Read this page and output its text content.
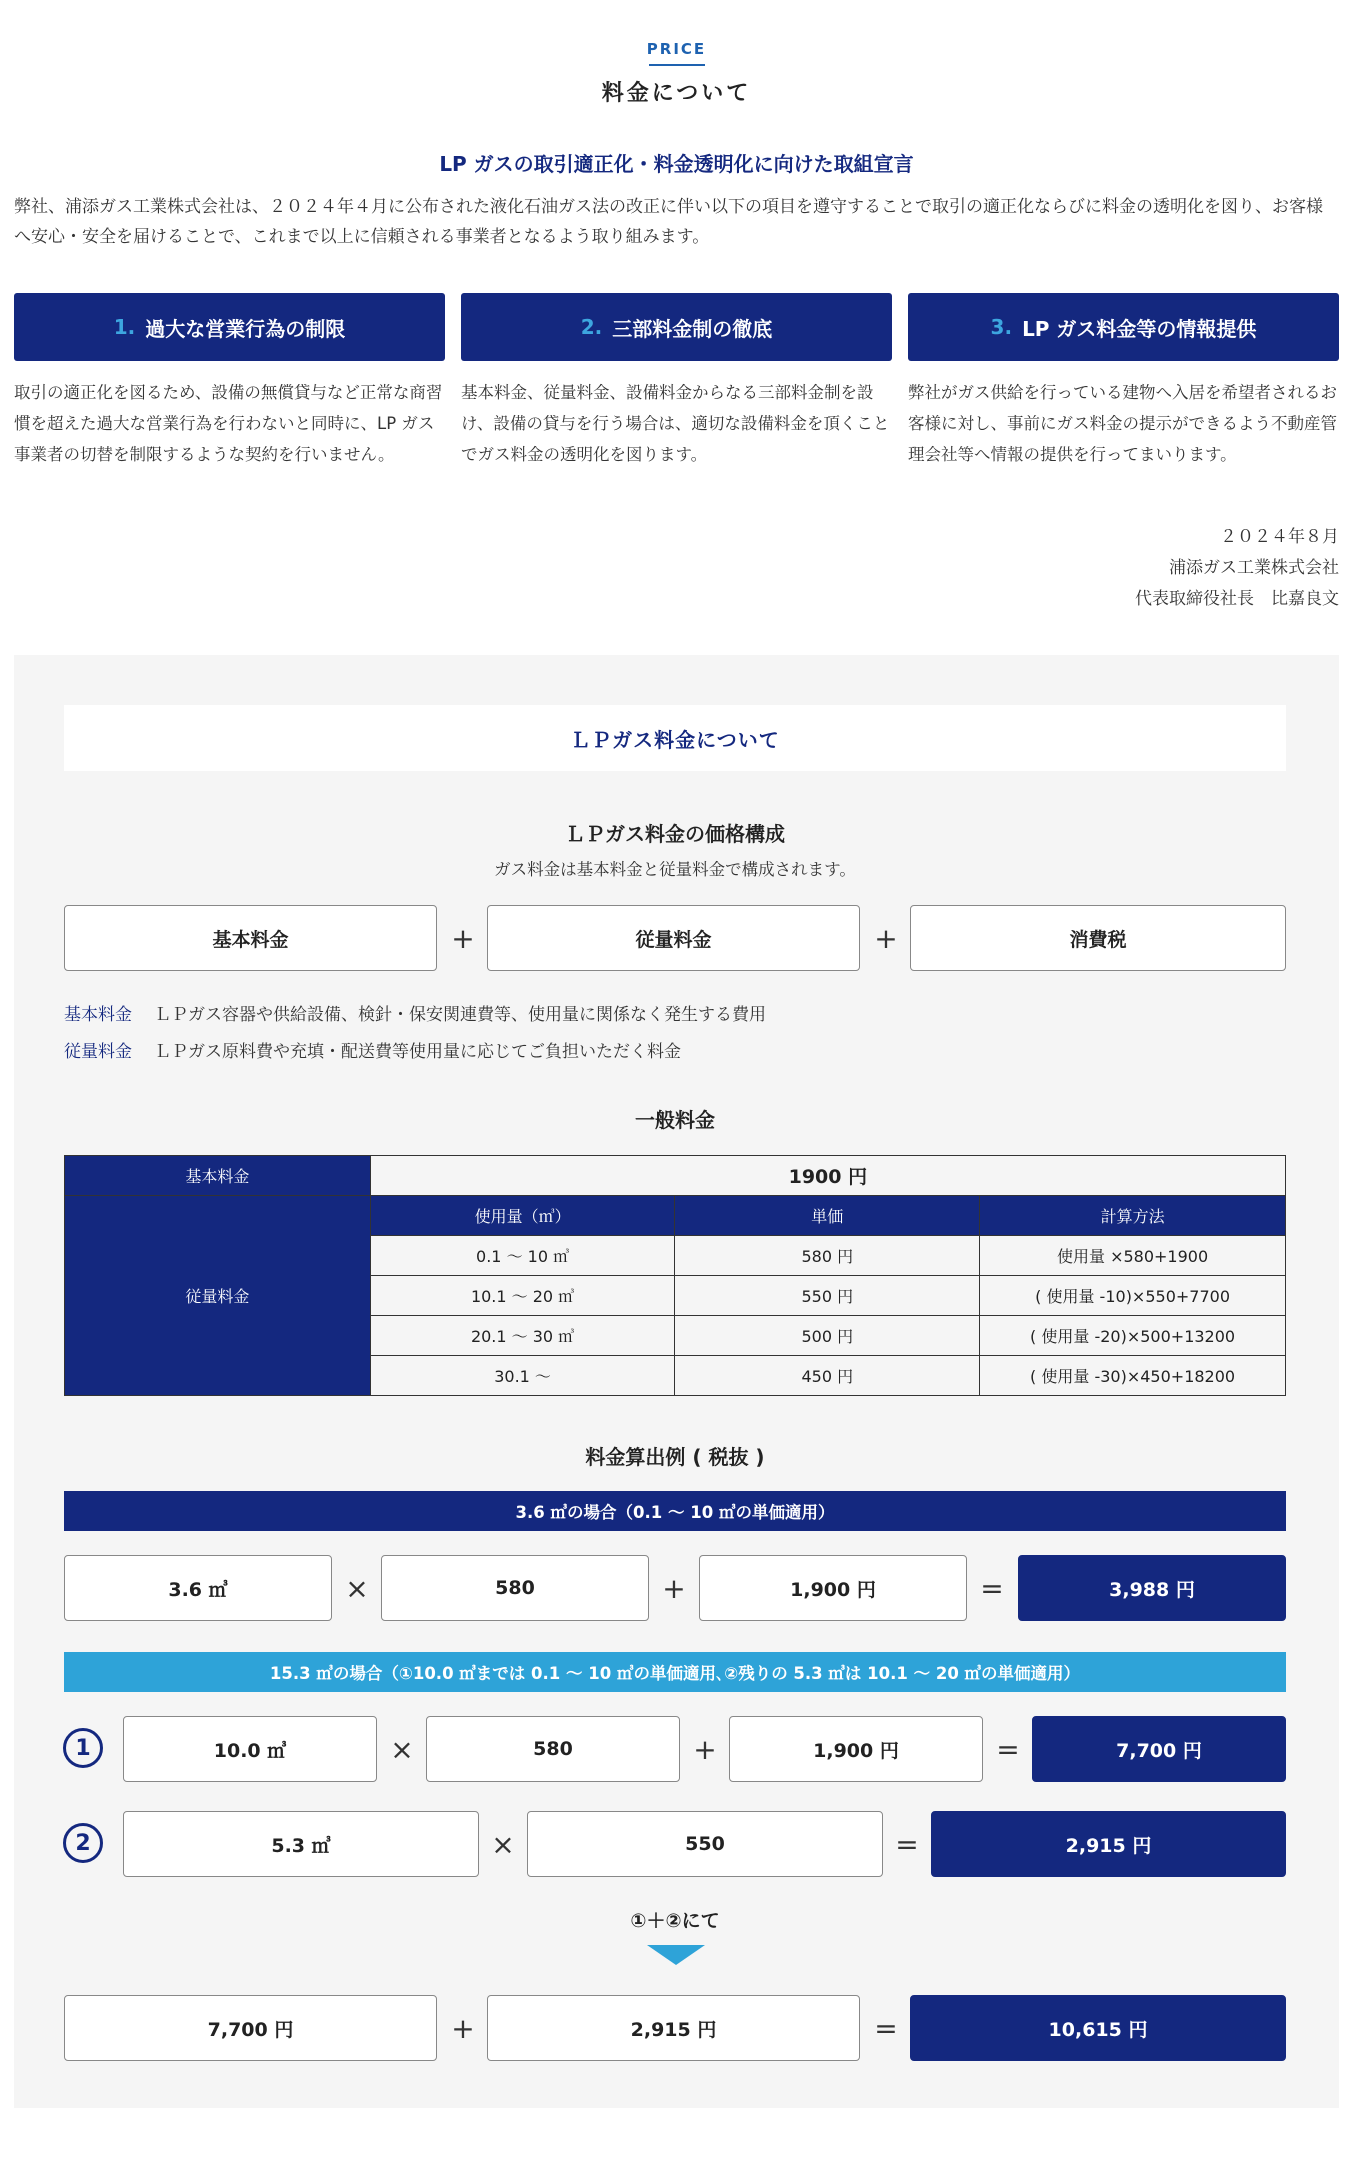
PRICE
料金について
LP ガスの取引適正化・料金透明化に向けた取組宣言
弊社、浦添ガス工業株式会社は、２０２４年４月に公布された液化石油ガス法の改正に伴い以下の項目を遵守することで取引の適正化ならびに料金の透明化を図り、お客様へ安心・安全を届けることで、これまで以上に信頼される事業者となるよう取り組みます。
1. 過大な営業行為の制限
取引の適正化を図るため、設備の無償貸与など正常な商習慣を超えた過大な営業行為を行わないと同時に、LP ガス事業者の切替を制限するような契約を行いません。
2. 三部料金制の徹底
基本料金、従量料金、設備料金からなる三部料金制を設け、設備の貸与を行う場合は、適切な設備料金を頂くことでガス料金の透明化を図ります。
3. LP ガス料金等の情報提供
弊社がガス供給を行っている建物へ入居を希望者されるお客様に対し、事前にガス料金の提示ができるよう不動産管理会社等へ情報の提供を行ってまいります。
２０２４年８月
浦添ガス工業株式会社
代表取締役社長　比嘉良文
ＬＰガス料金について
ＬＰガス料金の価格構成
ガス料金は基本料金と従量料金で構成されます。
基本料金	+	従量料金	+	消費税
基本料金 ＬＰガス容器や供給設備、検針・保安関連費等、使用量に関係なく発生する費用
従量料金 ＬＰガス原料費や充填・配送費等使用量に応じてご負担いただく料金
一般料金
基本料金	1900 円		
従量料金	使用量（㎥）	単価	計算方法
	0.1 〜 10 ㎥	580 円	使用量 ×580+1900
	10.1 〜 20 ㎥	550 円	( 使用量 -10)×550+7700
	20.1 〜 30 ㎥	500 円	( 使用量 -20)×500+13200
	30.1 〜	450 円	( 使用量 -30)×450+18200
料金算出例 ( 税抜 )
3.6 ㎥の場合（0.1 〜 10 ㎥の単価適用）
3.6 ㎥	×	580	+	1,900 円	=	3,988 円
15.3 ㎥の場合（①10.0 ㎥までは 0.1 〜 10 ㎥の単価適用､②残りの 5.3 ㎥は 10.1 〜 20 ㎥の単価適用）
1	10.0 ㎥	×	580	+	1,900 円	=	7,700 円
2	5.3 ㎥	×	550	=	2,915 円
①＋②にて
7,700 円	+	2,915 円	=	10,615 円
